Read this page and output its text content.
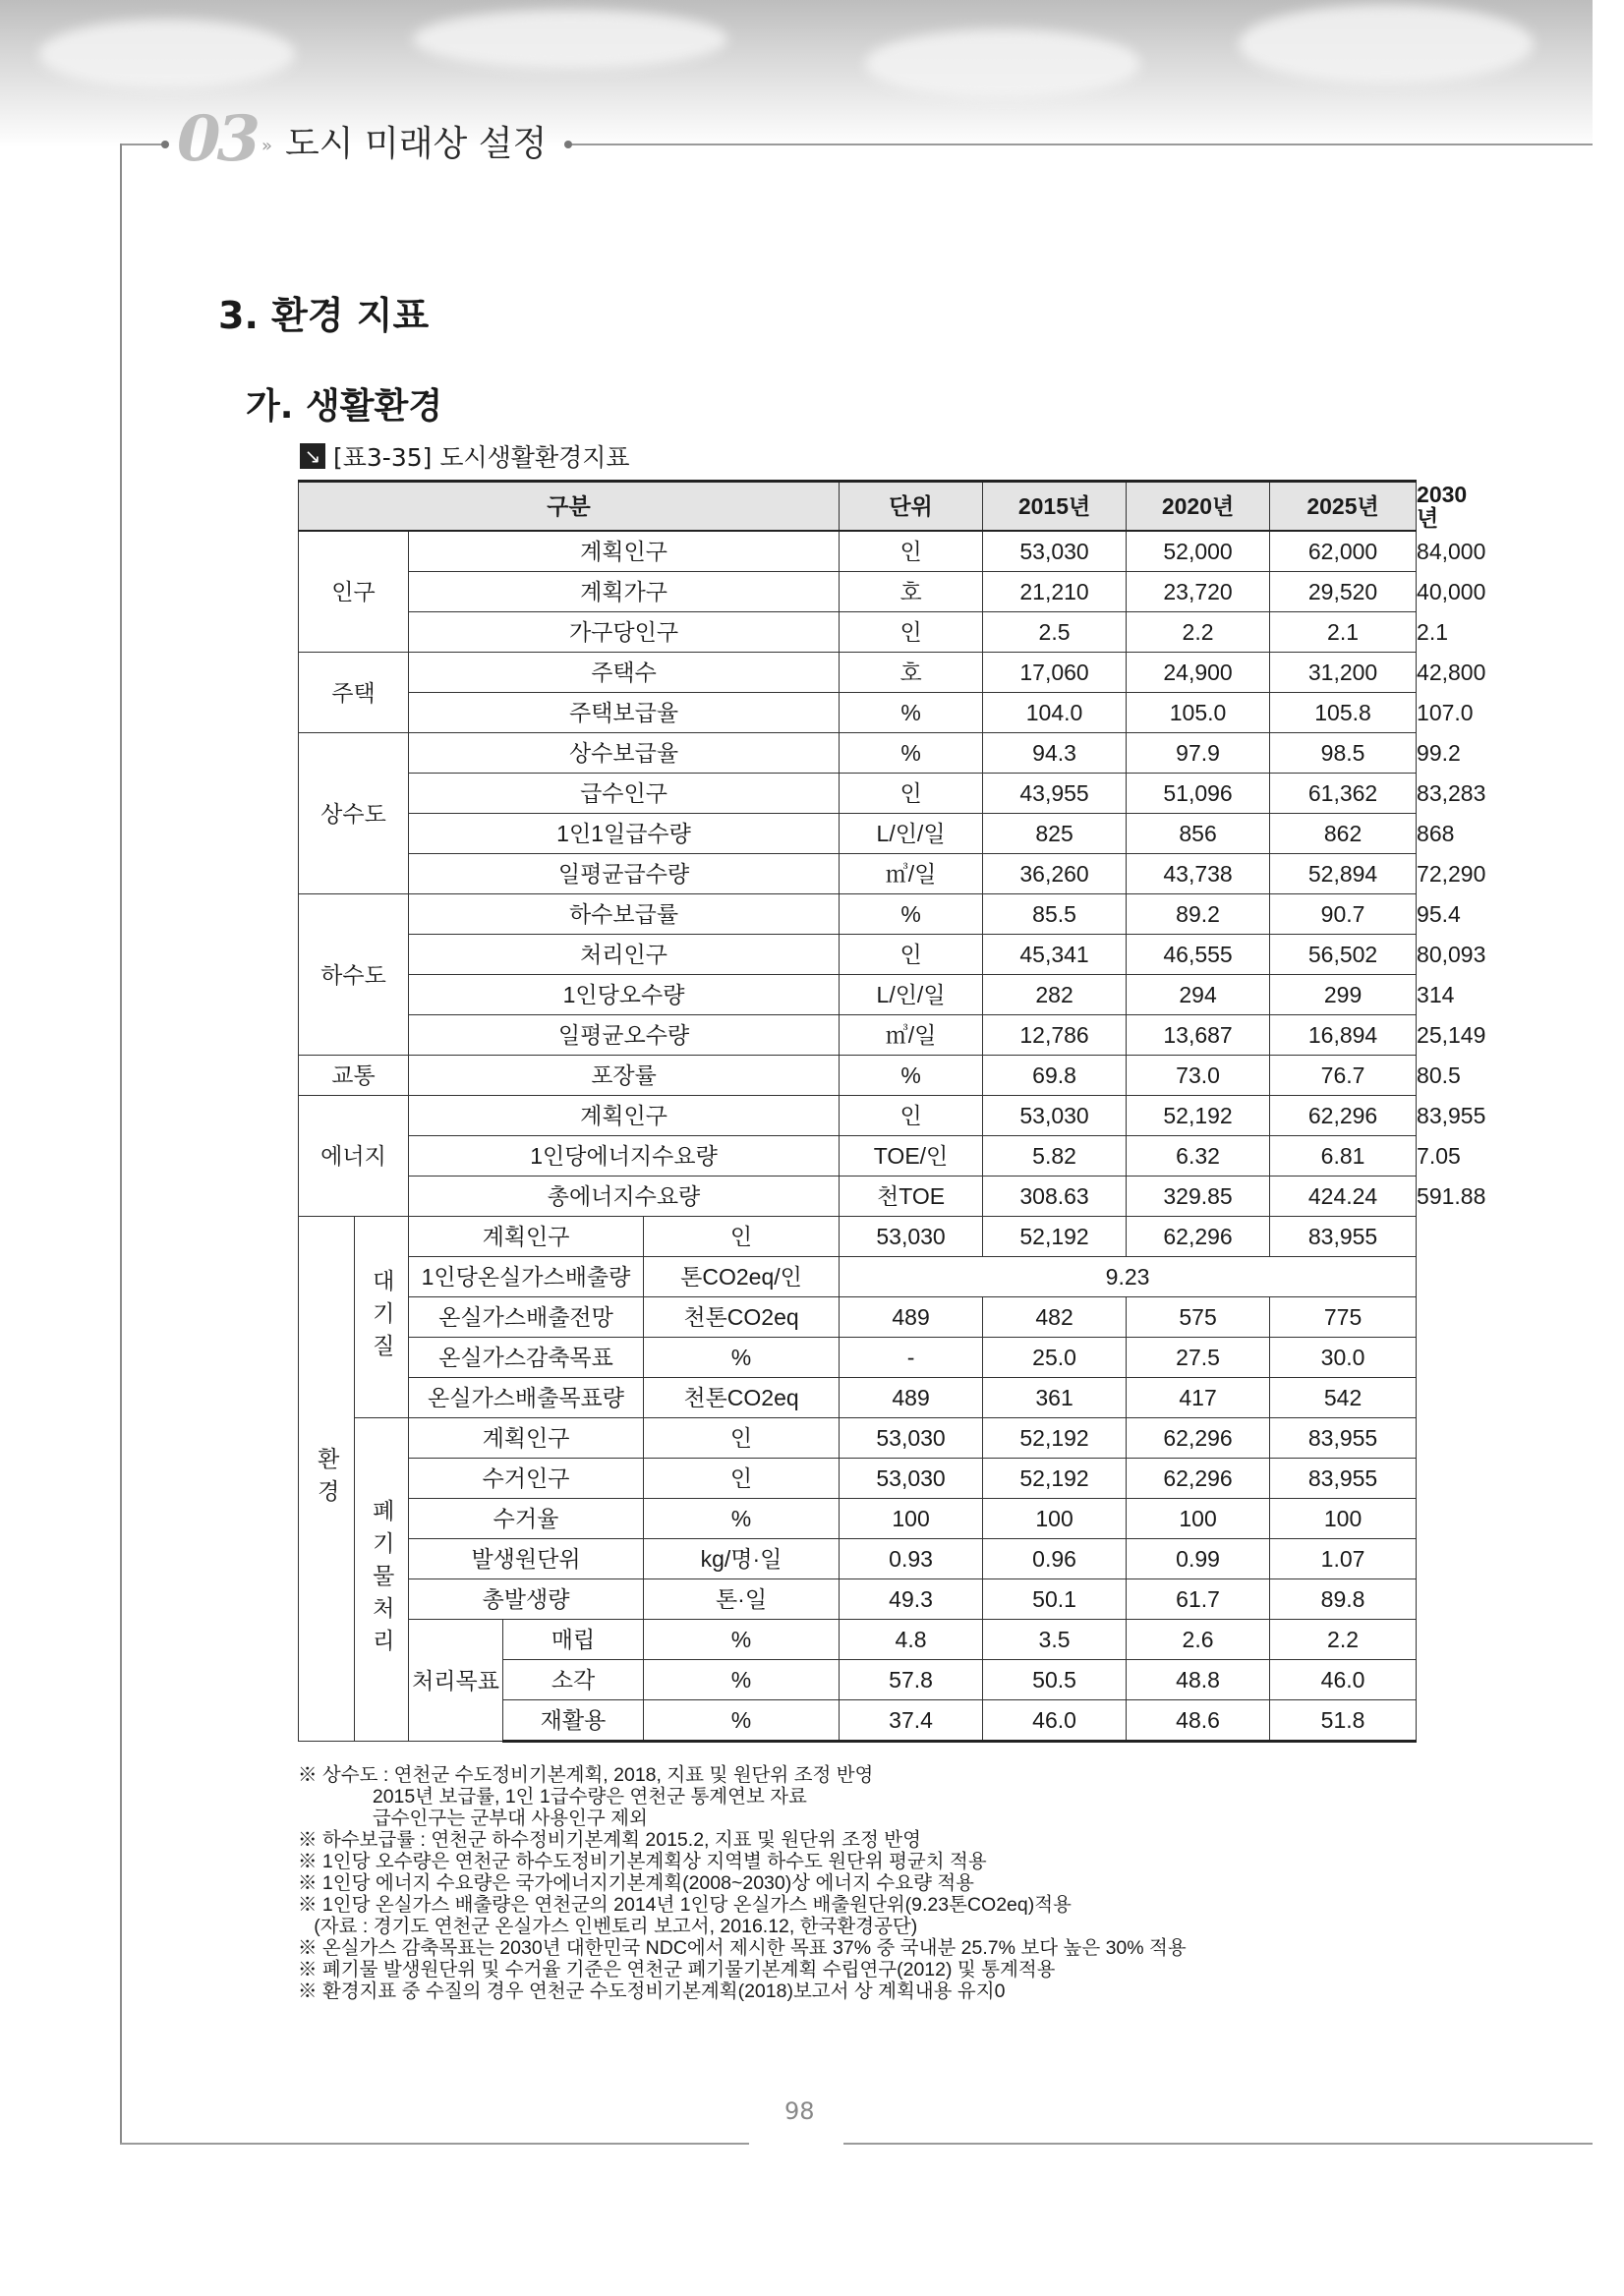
03 » 도시 미래상 설정
3. 환경 지표
가. 생활환경
↘ [표3-35] 도시생활환경지표
구분					단위	2015년	2020년	2025년	2030년
인구		계획인구			인	53,030	52,000	62,000	84,000
		계획가구			호	21,210	23,720	29,520	40,000
		가구당인구			인	2.5	2.2	2.1	2.1
주택		주택수			호	17,060	24,900	31,200	42,800
		주택보급율			%	104.0	105.0	105.8	107.0
상수도		상수보급율			%	94.3	97.9	98.5	99.2
		급수인구			인	43,955	51,096	61,362	83,283
		1인1일급수량			L/인/일	825	856	862	868
		일평균급수량			㎥/일	36,260	43,738	52,894	72,290
하수도		하수보급률			%	85.5	89.2	90.7	95.4
		처리인구			인	45,341	46,555	56,502	80,093
		1인당오수량			L/인/일	282	294	299	314
		일평균오수량			㎥/일	12,786	13,687	16,894	25,149
교통		포장률			%	69.8	73.0	76.7	80.5
에너지		계획인구			인	53,030	52,192	62,296	83,955
		1인당에너지수요량			TOE/인	5.82	6.32	6.81	7.05
		총에너지수요량			천TOE	308.63	329.85	424.24	591.88
환경	대기질	계획인구		인	53,030	52,192	62,296	83,955	
		1인당온실가스배출량		톤CO2eq/인	9.23				
		온실가스배출전망		천톤CO2eq	489	482	575	775	
		온실가스감축목표		%	-	25.0	27.5	30.0	
		온실가스배출목표량		천톤CO2eq	489	361	417	542	
	폐기물처리	계획인구		인	53,030	52,192	62,296	83,955	
		수거인구		인	53,030	52,192	62,296	83,955	
		수거율		%	100	100	100	100	
		발생원단위		kg/명·일	0.93	0.96	0.99	1.07	
		총발생량		톤·일	49.3	50.1	61.7	89.8	
		처리목표	매립	%	4.8	3.5	2.6	2.2	
			소각	%	57.8	50.5	48.8	46.0	
			재활용	%	37.4	46.0	48.6	51.8	
※ 상수도 : 연천군 수도정비기본계획, 2018, 지표 및 원단위 조정 반영
2015년 보급률, 1인 1급수량은 연천군 통계연보 자료
급수인구는 군부대 사용인구 제외
※ 하수보급률 : 연천군 하수정비기본계획 2015.2, 지표 및 원단위 조정 반영
※ 1인당 오수량은 연천군 하수도정비기본계획상 지역별 하수도 원단위 평균치 적용
※ 1인당 에너지 수요량은 국가에너지기본계획(2008~2030)상 에너지 수요량 적용
※ 1인당 온실가스 배출량은 연천군의 2014년 1인당 온실가스 배출원단위(9.23톤CO2eq)적용
(자료 : 경기도 연천군 온실가스 인벤토리 보고서, 2016.12, 한국환경공단)
※ 온실가스 감축목표는 2030년 대한민국 NDC에서 제시한 목표 37% 중 국내분 25.7% 보다 높은 30% 적용
※ 폐기물 발생원단위 및 수거율 기준은 연천군 폐기물기본계획 수립연구(2012) 및 통계적용
※ 환경지표 중 수질의 경우 연천군 수도정비기본계획(2018)보고서 상 계획내용 유지0
98
